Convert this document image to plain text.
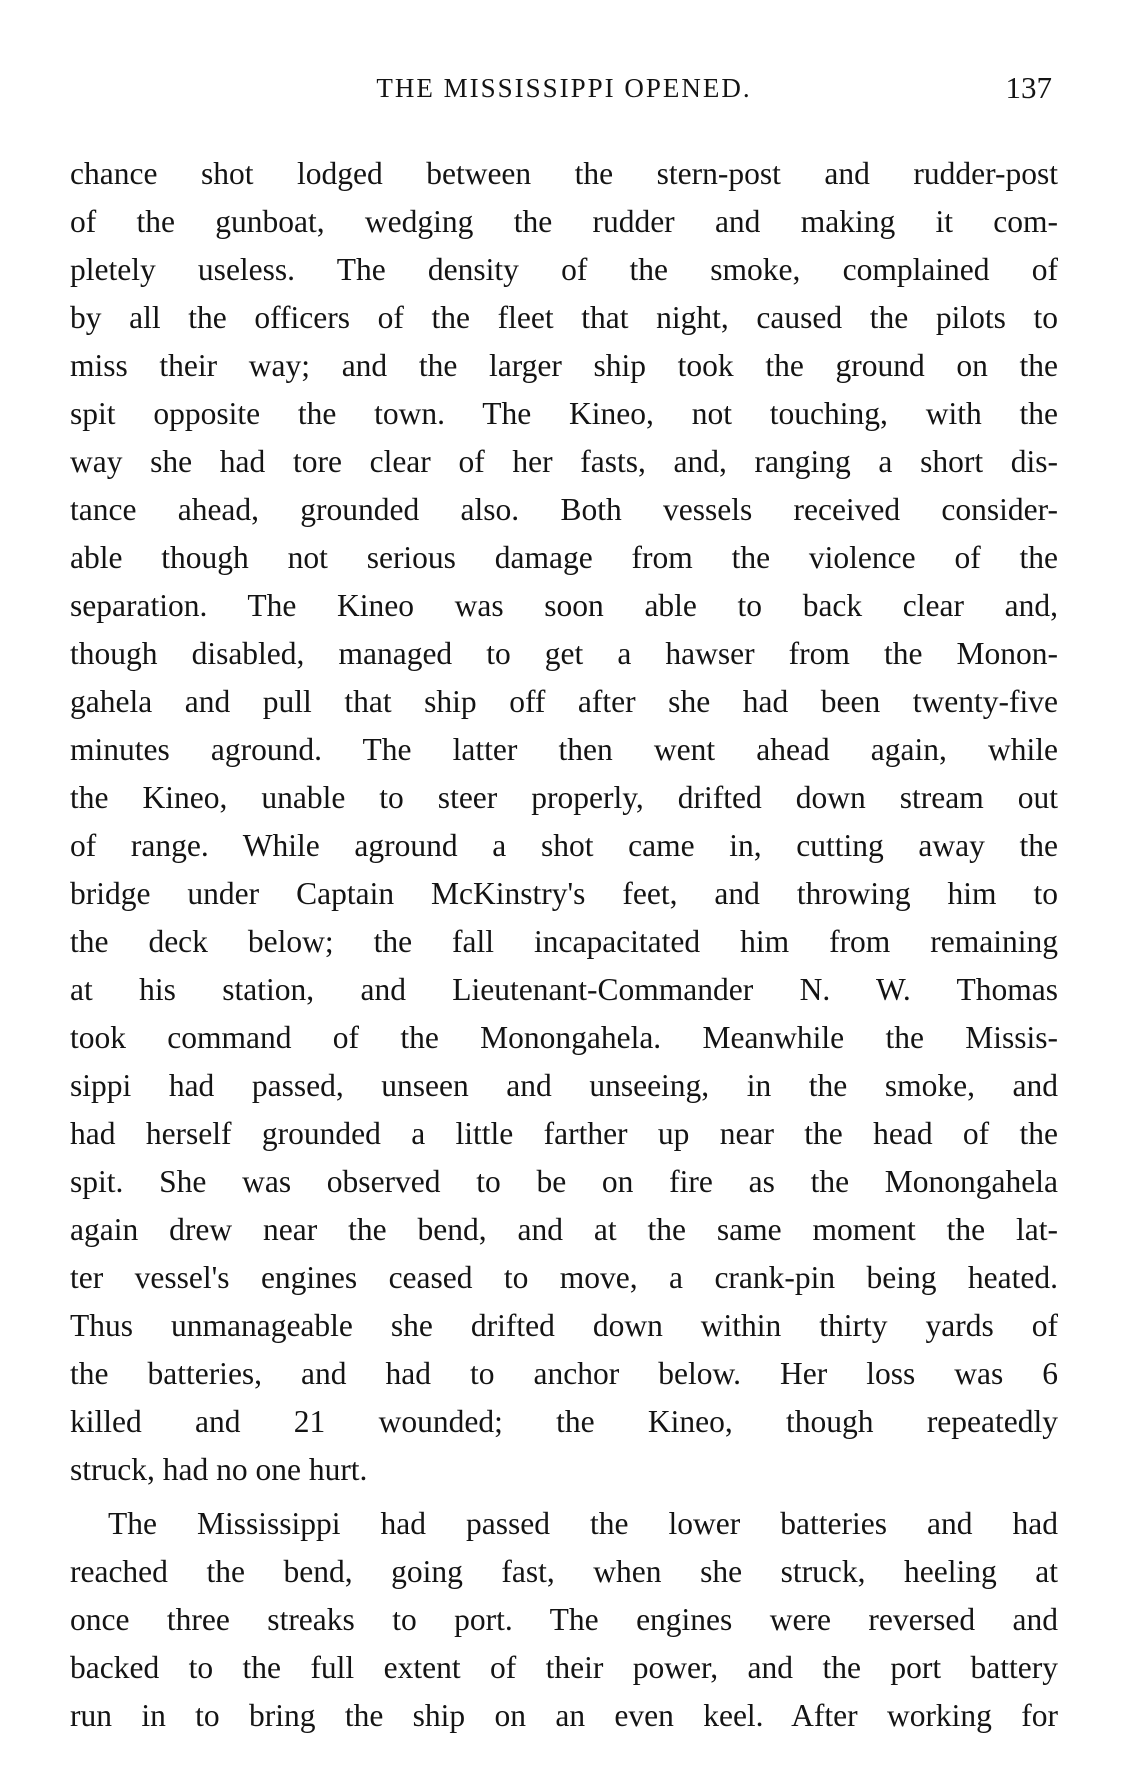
THE MISSISSIPPI OPENED.	137
chance shot lodged between the stern-post and rudder-post
of the gunboat, wedging the rudder and making it com-
pletely useless. The density of the smoke, complained of
by all the officers of the fleet that night, caused the pilots to
miss their way; and the larger ship took the ground on the
spit opposite the town. The Kineo, not touching, with the
way she had tore clear of her fasts, and, ranging a short dis-
tance ahead, grounded also. Both vessels received consider-
able though not serious damage from the violence of the
separation. The Kineo was soon able to back clear and,
though disabled, managed to get a hawser from the Monon-
gahela and pull that ship off after she had been twenty-five
minutes aground. The latter then went ahead again, while
the Kineo, unable to steer properly, drifted down stream out
of range. While aground a shot came in, cutting away the
bridge under Captain McKinstry's feet, and throwing him to
the deck below; the fall incapacitated him from remaining
at his station, and Lieutenant-Commander N. W. Thomas
took command of the Monongahela. Meanwhile the Missis-
sippi had passed, unseen and unseeing, in the smoke, and
had herself grounded a little farther up near the head of the
spit. She was observed to be on fire as the Monongahela
again drew near the bend, and at the same moment the lat-
ter vessel's engines ceased to move, a crank-pin being heated.
Thus unmanageable she drifted down within thirty yards of
the batteries, and had to anchor below. Her loss was 6
killed and 21 wounded; the Kineo, though repeatedly
struck, had no one hurt.
The Mississippi had passed the lower batteries and had
reached the bend, going fast, when she struck, heeling at
once three streaks to port. The engines were reversed and
backed to the full extent of their power, and the port battery
run in to bring the ship on an even keel. After working for
